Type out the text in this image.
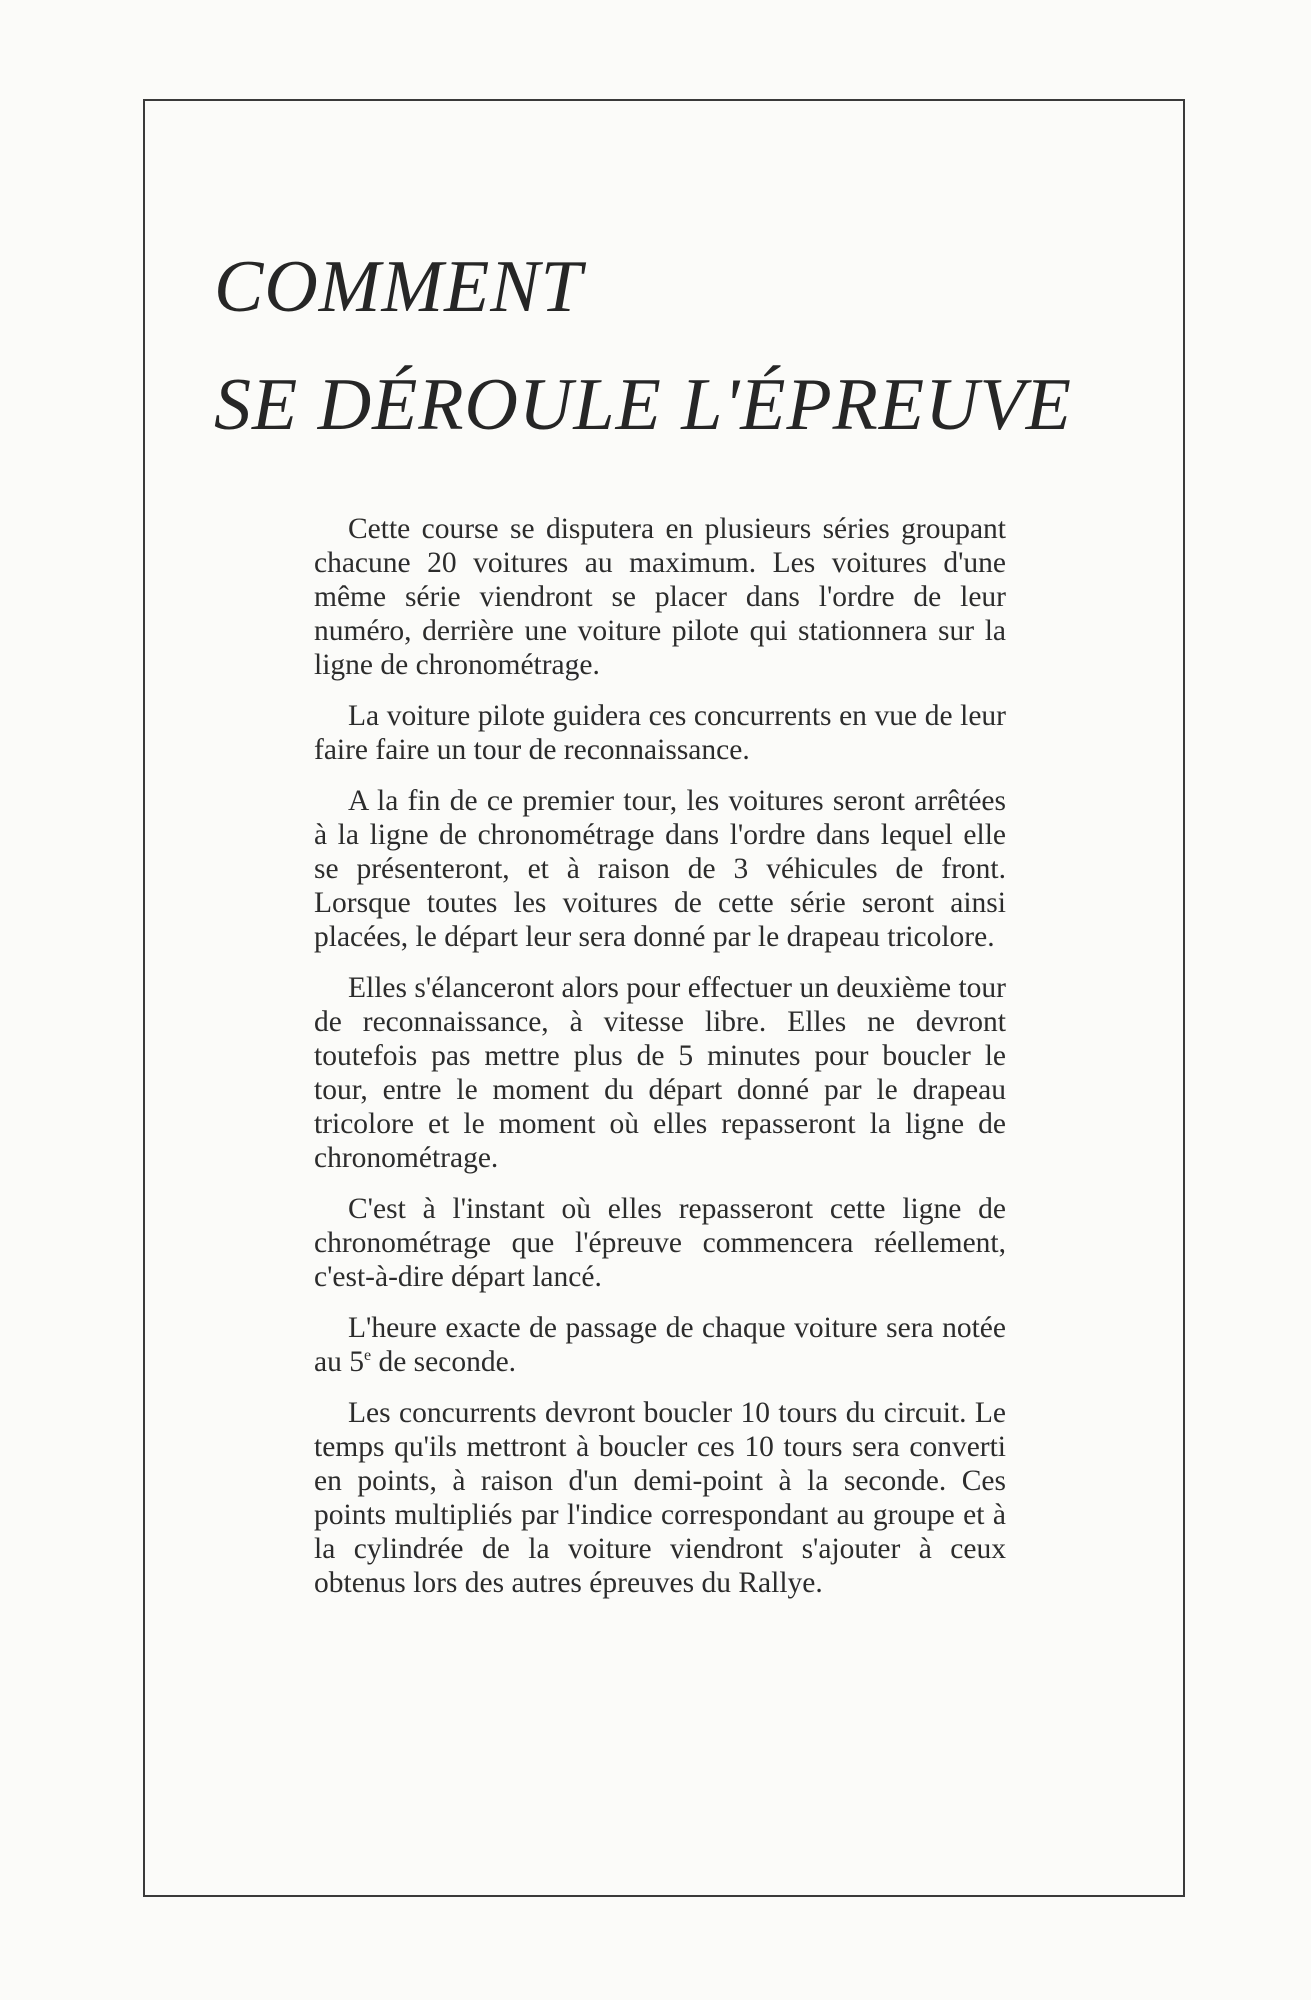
COMMENT
SE DÉROULE L'ÉPREUVE

Cette course se disputera en plusieurs séries groupant chacune 20 voitures au maximum. Les voitures d'une même série viendront se placer dans l'ordre de leur numéro, derrière une voiture pilote qui stationnera sur la ligne de chronométrage.

La voiture pilote guidera ces concurrents en vue de leur faire faire un tour de reconnaissance.

A la fin de ce premier tour, les voitures seront arrêtées à la ligne de chronométrage dans l'ordre dans lequel elle se présenteront, et à raison de 3 véhicules de front. Lorsque toutes les voitures de cette série seront ainsi placées, le départ leur sera donné par le drapeau tricolore.

Elles s'élanceront alors pour effectuer un deuxième tour de reconnaissance, à vitesse libre. Elles ne devront toutefois pas mettre plus de 5 minutes pour boucler le tour, entre le moment du départ donné par le drapeau tricolore et le moment où elles repasseront la ligne de chronométrage.

C'est à l'instant où elles repasseront cette ligne de chronométrage que l'épreuve commencera réellement, c'est-à-dire départ lancé.

L'heure exacte de passage de chaque voiture sera notée au 5e de seconde.

Les concurrents devront boucler 10 tours du circuit. Le temps qu'ils mettront à boucler ces 10 tours sera converti en points, à raison d'un demi-point à la seconde. Ces points multipliés par l'indice correspondant au groupe et à la cylindrée de la voiture viendront s'ajouter à ceux obtenus lors des autres épreuves du Rallye.
